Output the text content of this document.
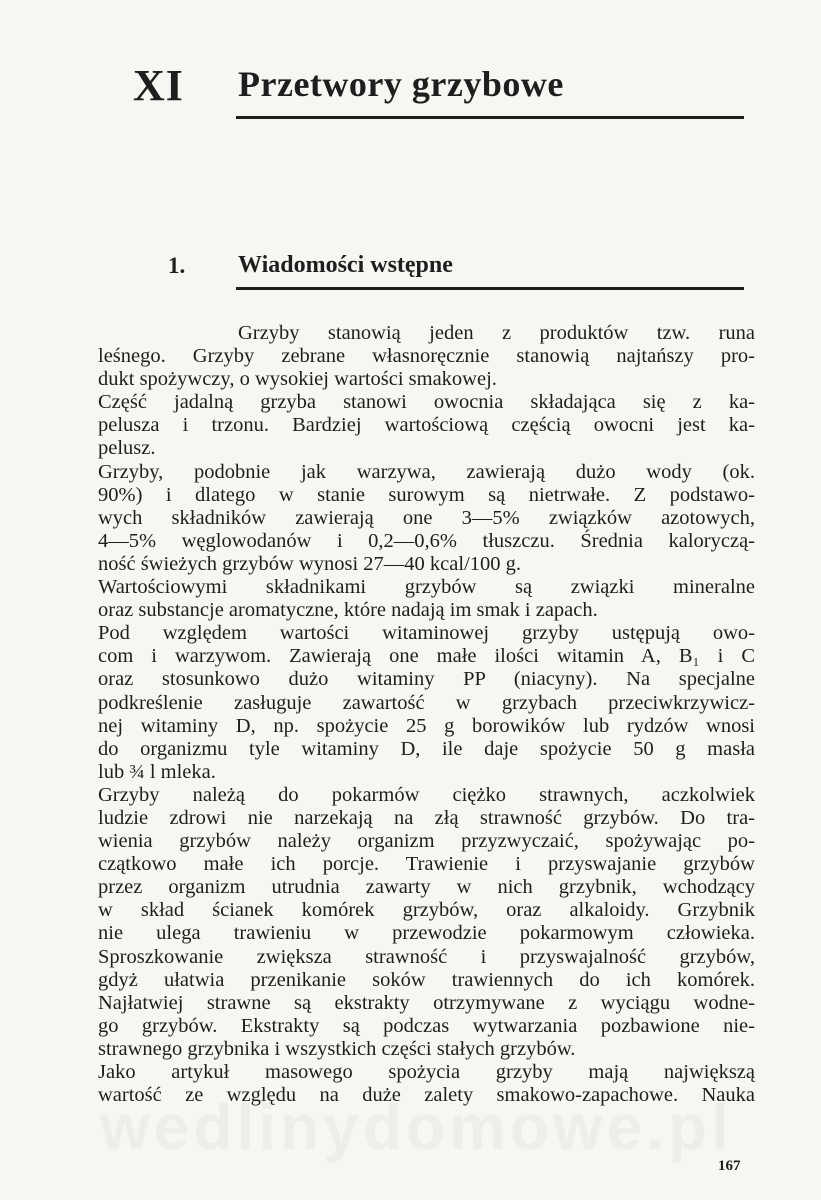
XI Przetwory grzybowe
1. Wiadomości wstępne
Grzyby stanowią jeden z produktów tzw. runa
leśnego. Grzyby zebrane własnoręcznie stanowią najtańszy pro-
dukt spożywczy, o wysokiej wartości smakowej.
Część jadalną grzyba stanowi owocnia składająca się z ka-
pelusza i trzonu. Bardziej wartościową częścią owocni jest ka-
pelusz.
Grzyby, podobnie jak warzywa, zawierają dużo wody (ok.
90%) i dlatego w stanie surowym są nietrwałe. Z podstawo-
wych składników zawierają one 3—5% związków azotowych,
4—5% węglowodanów i 0,2—0,6% tłuszczu. Średnia kaloryczą-
ność świeżych grzybów wynosi 27—40 kcal/100 g.
Wartościowymi składnikami grzybów są związki mineralne
oraz substancje aromatyczne, które nadają im smak i zapach.
Pod względem wartości witaminowej grzyby ustępują owo-
com i warzywom. Zawierają one małe ilości witamin A, B₁ i C
oraz stosunkowo dużo witaminy PP (niacyny). Na specjalne
podkreślenie zasługuje zawartość w grzybach przeciwkrzywicz-
nej witaminy D, np. spożycie 25 g borowików lub rydzów wnosi
do organizmu tyle witaminy D, ile daje spożycie 50 g masła
lub ¾ l mleka.
Grzyby należą do pokarmów ciężko strawnych, aczkolwiek
ludzie zdrowi nie narzekają na złą strawność grzybów. Do tra-
wienia grzybów należy organizm przyzwyczaić, spożywając po-
czątkowo małe ich porcje. Trawienie i przyswajanie grzybów
przez organizm utrudnia zawarty w nich grzybnik, wchodzący
w skład ścianek komórek grzybów, oraz alkaloidy. Grzybnik
nie ulega trawieniu w przewodzie pokarmowym człowieka.
Sproszkowanie zwiększa strawność i przyswajalność grzybów,
gdyż ułatwia przenikanie soków trawiennych do ich komórek.
Najłatwiej strawne są ekstrakty otrzymywane z wyciągu wodne-
go grzybów. Ekstrakty są podczas wytwarzania pozbawione nie-
strawnego grzybnika i wszystkich części stałych grzybów.
Jako artykuł masowego spożycia grzyby mają największą
wartość ze względu na duże zalety smakowo-zapachowe. Nauka
167
